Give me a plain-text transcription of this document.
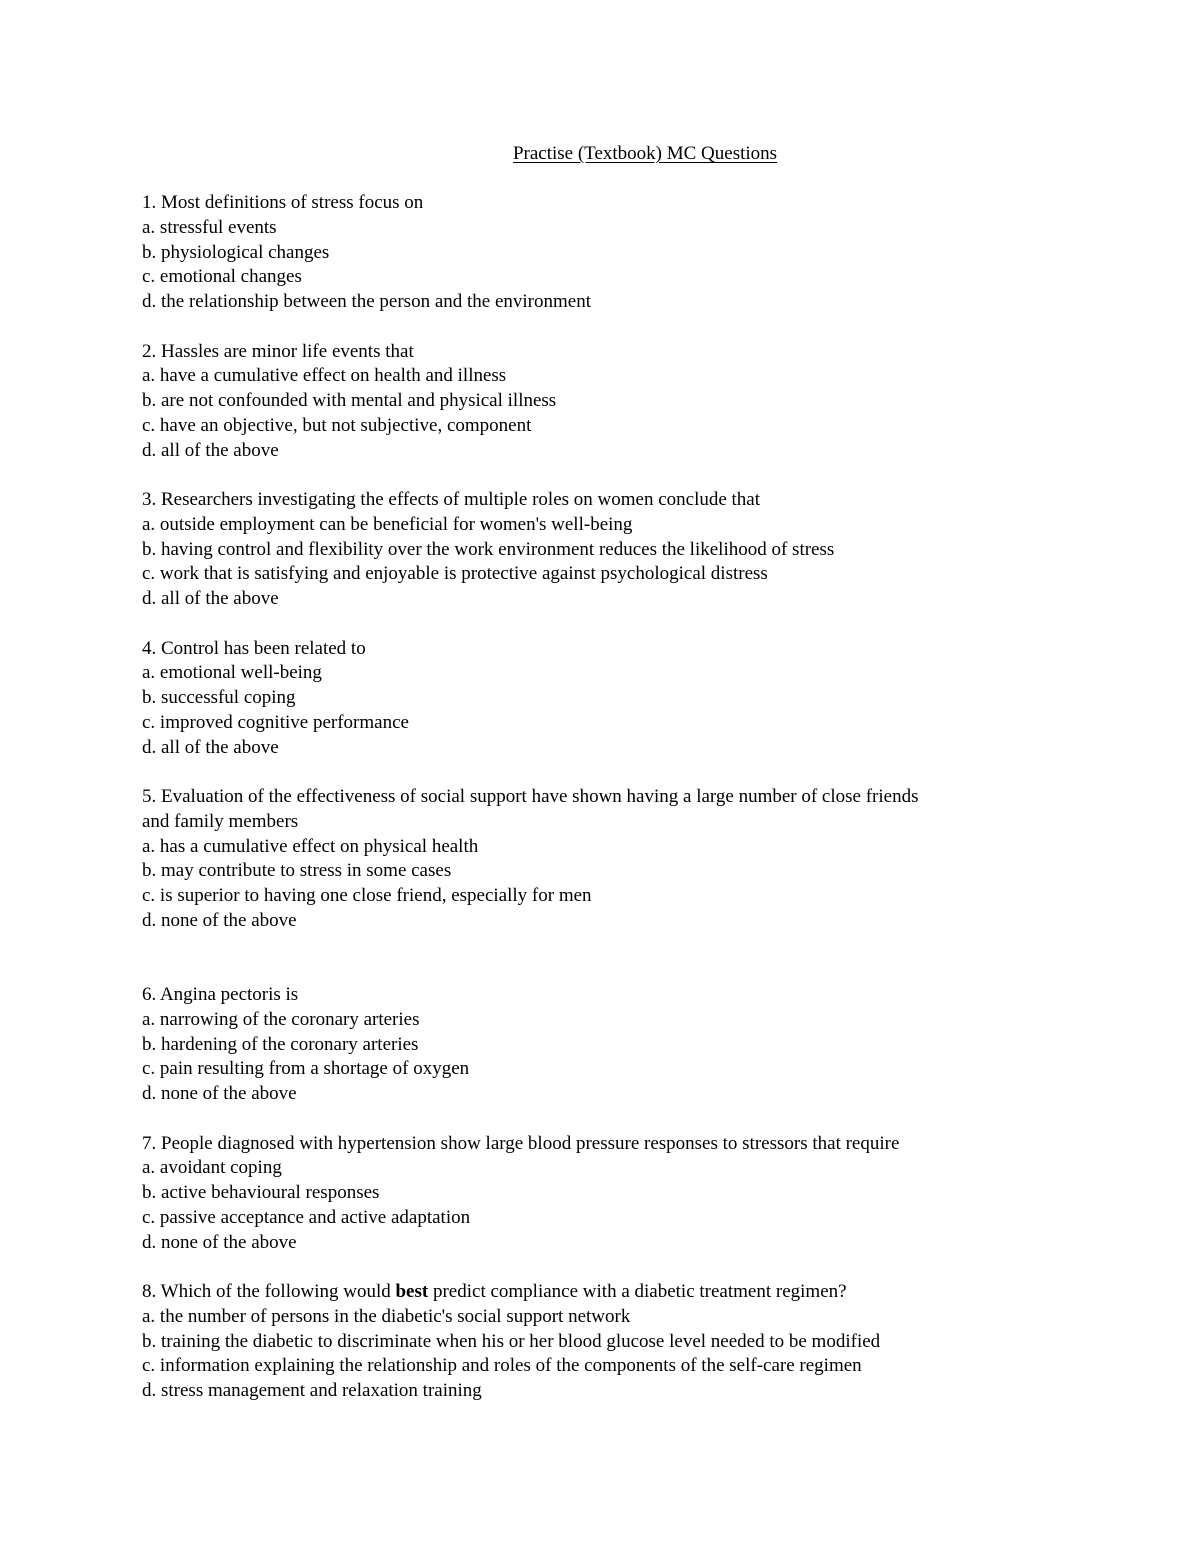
Practise (Textbook) MC Questions
1. Most definitions of stress focus on
a. stressful events
b. physiological changes
c. emotional changes
d. the relationship between the person and the environment
2. Hassles are minor life events that
a. have a cumulative effect on health and illness
b. are not confounded with mental and physical illness
c. have an objective, but not subjective, component
d. all of the above
3. Researchers investigating the effects of multiple roles on women conclude that
a. outside employment can be beneficial for women's well-being
b. having control and flexibility over the work environment reduces the likelihood of stress
c. work that is satisfying and enjoyable is protective against psychological distress
d. all of the above
4. Control has been related to
a. emotional well-being
b. successful coping
c. improved cognitive performance
d. all of the above
5. Evaluation of the effectiveness of social support have shown having a large number of close friends
and family members
a. has a cumulative effect on physical health
b. may contribute to stress in some cases
c. is superior to having one close friend, especially for men
d. none of the above
6. Angina pectoris is
a. narrowing of the coronary arteries
b. hardening of the coronary arteries
c. pain resulting from a shortage of oxygen
d. none of the above
7. People diagnosed with hypertension show large blood pressure responses to stressors that require
a. avoidant coping
b. active behavioural responses
c. passive acceptance and active adaptation
d. none of the above
8. Which of the following would best predict compliance with a diabetic treatment regimen?
a. the number of persons in the diabetic's social support network
b. training the diabetic to discriminate when his or her blood glucose level needed to be modified
c. information explaining the relationship and roles of the components of the self-care regimen
d. stress management and relaxation training
